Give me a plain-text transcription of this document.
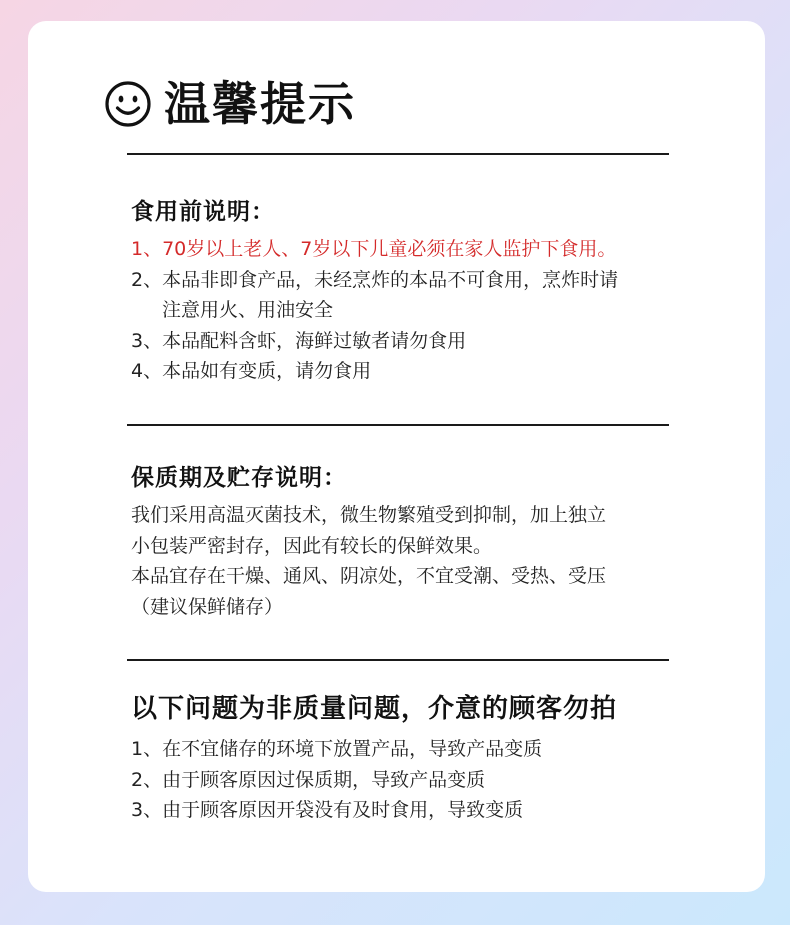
温馨提示
食用前说明：
1、70岁以上老人、7岁以下儿童必须在家人监护下食用。
2、本品非即食产品，未经烹炸的本品不可食用，烹炸时请
注意用火、用油安全
3、本品配料含虾，海鲜过敏者请勿食用
4、本品如有变质，请勿食用
保质期及贮存说明：
我们采用高温灭菌技术，微生物繁殖受到抑制，加上独立
小包装严密封存，因此有较长的保鲜效果。
本品宜存在干燥、通风、阴凉处，不宜受潮、受热、受压
（建议保鲜储存）
以下问题为非质量问题，介意的顾客勿拍
1、在不宜储存的环境下放置产品，导致产品变质
2、由于顾客原因过保质期，导致产品变质
3、由于顾客原因开袋没有及时食用，导致变质
